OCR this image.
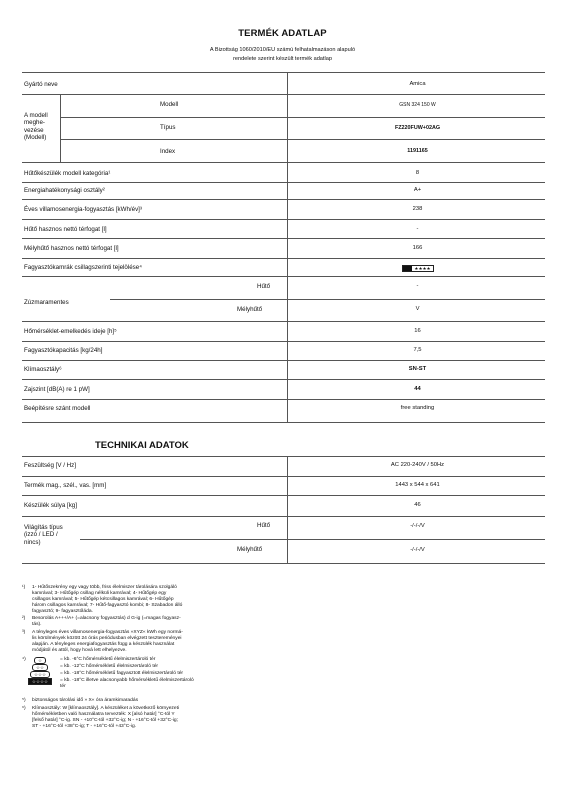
TERMÉK ADATLAP
A Bizottság 1060/2010/EU számú felhatalmazáson alapuló
rendelete szerint készült termék adatlap
Gyártó neve	Amica
A modell
meghe-
vezése
(Modell)
Modell	GSN 324 150 W
Típus	FZ220FUW+02AG
Index	1191165
Hűtőkészülék modell kategória¹	8
Energiahatékonysági osztály²	A+
Éves villamosenergia-fogyasztás [kWh/év]³	238
Hűtő hasznos nettó térfogat [l]	-
Mélyhűtő hasznos nettó térfogat [l]	166
Fagyasztókamrák csillagszerinti tejelölése⁴	★★★★
Zúzmaramentes
Hűtő	-
Mélyhűtő	V
Hőmérséklet-emelkedés ideje [h]⁵	16
Fagyasztókapacitás [kg/24h]	7,5
Klímaosztály⁶	SN-ST
Zajszint [dB(A) re 1 pW]	44
Beépítésre szánt modell	free standing
TECHNIKAI ADATOK
Feszültség [V / Hz]	AC 220-240V / 50Hz
Termék mag., szél., vas. [mm]	1443 x 544 x 641
Készülék súlya [kg]	46
Világítás típus
(izzó / LED /
nincs)
Hűtő	-/-/-/V
Mélyhűtő	-/-/-/V
¹) 1- Hűtőszekrény egy vagy több, friss élelmiszer tárolására szolgáló
kamrával; 3- Hűtőgép csillag nélküli kamrával; 4- Hűtőgép egy
csillagos kamrával; 5- Hűtőgép kétcsillagos kamrával; 6- Hűtőgép
három csillagos kamrával; 7- Hűtő-fagyasztó kombi; 8- Szabadon álló
fagyasztó; 9- fagyasztóláda.
²) Besorolás A+++/A+ (=alacsony fogyasztás) d G-ig (=magas fogyasz-
tás).
³) A tényleges éves villamosenergia-fogyasztás »XYZ« kWh egy normá-
lis körülmények között 24 órás periódusban elvégzett tesztereményei
alapján. A tényleges energiafogyasztás függ a készülék használat
módjától és attól, hogy hová lett elhelyezve.
⁴)	☆	= kb. -6°C hőmérsékletű élelmiszertároló tér
☆☆	= kb. -12°C hőmérsékletű élelmiszertároló tér
☆☆☆	= kb. -18°C hőmérsékletű fagyasztott élelmiszertároló tér
☆☆☆☆	= kb. -18°C illetve alacsonyabb hőmérsékletű élelmiszertároló
tér
⁵) biztonságos tárolási idő » X« óra áramkimaradás
⁶) Klímaosztály: W [klímaosztály]. A készüléket a következő környezeti
hőmérsékletben való használatra tervezték: X [alsó határ] °C-tól Y
[felső határ] °C-ig. SN - +10°C-tól +32°C-ig; N - +16°C-tól +32°C-ig;
ST - +16°C-tól +38°C-ig; T - +16°C-tól +43°C-ig.
